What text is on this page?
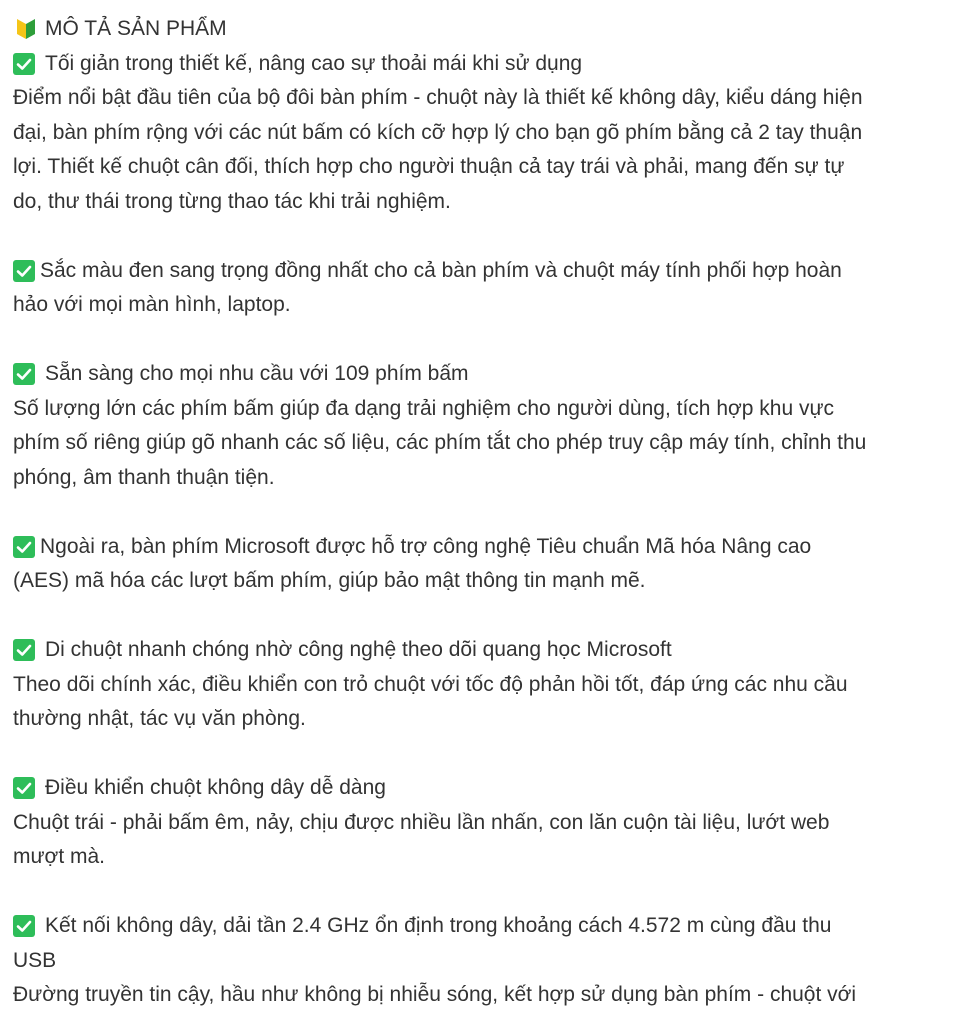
MÔ TẢ SẢN PHẨM
Tối giản trong thiết kế, nâng cao sự thoải mái khi sử dụng
Điểm nổi bật đầu tiên của bộ đôi bàn phím - chuột này là thiết kế không dây, kiểu dáng hiện
đại, bàn phím rộng với các nút bấm có kích cỡ hợp lý cho bạn gõ phím bằng cả 2 tay thuận
lợi. Thiết kế chuột cân đối, thích hợp cho người thuận cả tay trái và phải, mang đến sự tự
do, thư thái trong từng thao tác khi trải nghiệm.
Sắc màu đen sang trọng đồng nhất cho cả bàn phím và chuột máy tính phối hợp hoàn
hảo với mọi màn hình, laptop.
Sẵn sàng cho mọi nhu cầu với 109 phím bấm
Số lượng lớn các phím bấm giúp đa dạng trải nghiệm cho người dùng, tích hợp khu vực
phím số riêng giúp gõ nhanh các số liệu, các phím tắt cho phép truy cập máy tính, chỉnh thu
phóng, âm thanh thuận tiện.
Ngoài ra, bàn phím Microsoft được hỗ trợ công nghệ Tiêu chuẩn Mã hóa Nâng cao
(AES) mã hóa các lượt bấm phím, giúp bảo mật thông tin mạnh mẽ.
Di chuột nhanh chóng nhờ công nghệ theo dõi quang học Microsoft
Theo dõi chính xác, điều khiển con trỏ chuột với tốc độ phản hồi tốt, đáp ứng các nhu cầu
thường nhật, tác vụ văn phòng.
Điều khiển chuột không dây dễ dàng
Chuột trái - phải bấm êm, nảy, chịu được nhiều lần nhấn, con lăn cuộn tài liệu, lướt web
mượt mà.
Kết nối không dây, dải tần 2.4 GHz ổn định trong khoảng cách 4.572 m cùng đầu thu
USB
Đường truyền tin cậy, hầu như không bị nhiễu sóng, kết hợp sử dụng bàn phím - chuột với
